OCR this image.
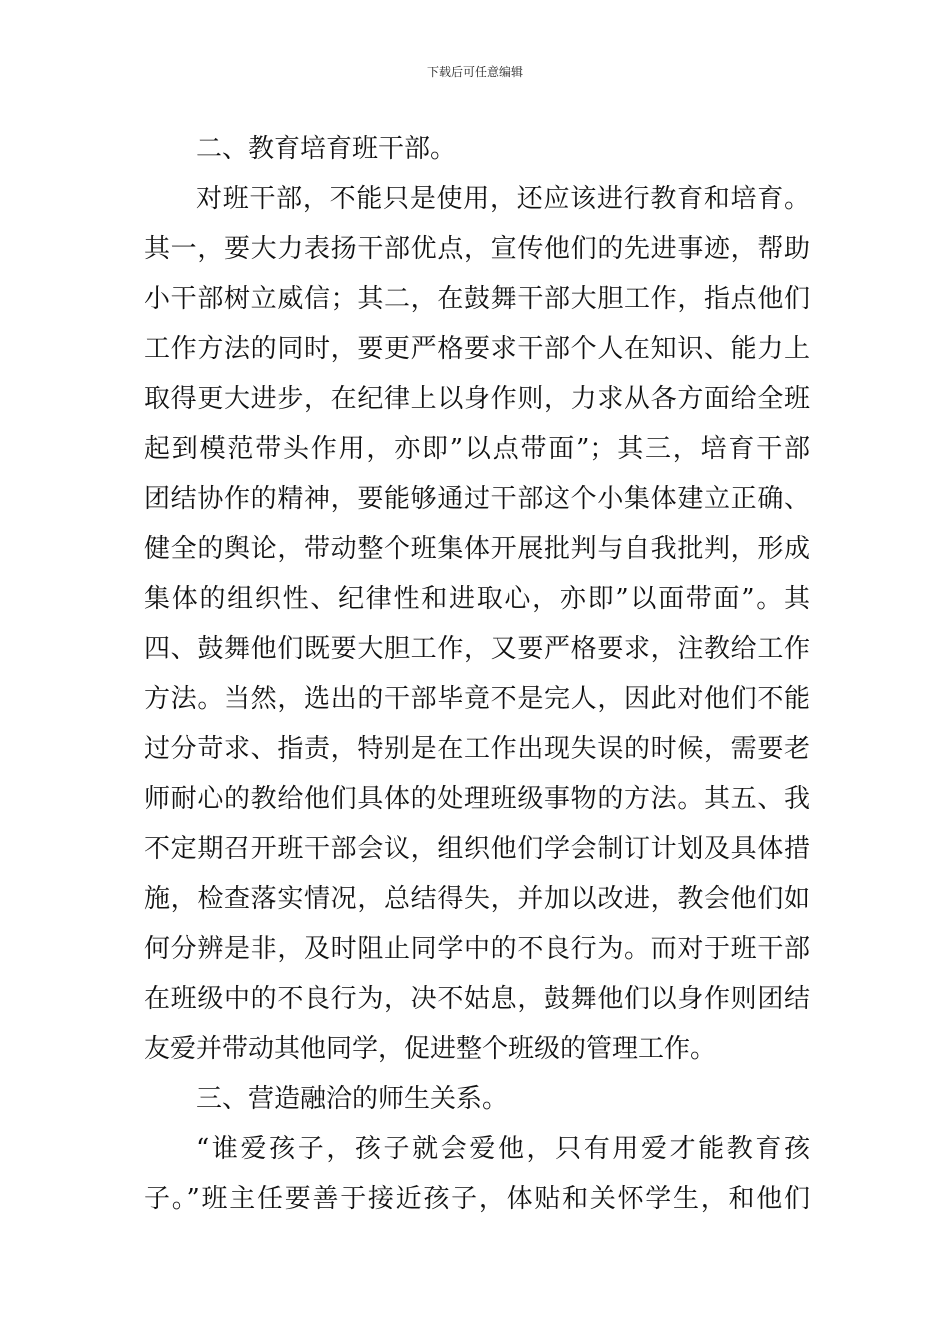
下载后可任意编辑
二、教育培育班干部。
对班干部，不能只是使用，还应该进行教育和培育。
其一，要大力表扬干部优点，宣传他们的先进事迹，帮助
小干部树立威信；其二，在鼓舞干部大胆工作，指点他们
工作方法的同时，要更严格要求干部个人在知识、能力上
取得更大进步，在纪律上以身作则，力求从各方面给全班
起到模范带头作用，亦即”以点带面”；其三，培育干部
团结协作的精神，要能够通过干部这个小集体建立正确、
健全的舆论，带动整个班集体开展批判与自我批判，形成
集体的组织性、纪律性和进取心，亦即”以面带面”。其
四、鼓舞他们既要大胆工作，又要严格要求，注教给工作
方法。当然，选出的干部毕竟不是完人，因此对他们不能
过分苛求、指责，特别是在工作出现失误的时候，需要老
师耐心的教给他们具体的处理班级事物的方法。其五、我
不定期召开班干部会议，组织他们学会制订计划及具体措
施，检查落实情况，总结得失，并加以改进，教会他们如
何分辨是非，及时阻止同学中的不良行为。而对于班干部
在班级中的不良行为，决不姑息，鼓舞他们以身作则团结
友爱并带动其他同学，促进整个班级的管理工作。
三、营造融洽的师生关系。
“谁爱孩子，孩子就会爱他，只有用爱才能教育孩
子。”班主任要善于接近孩子，体贴和关怀学生，和他们
